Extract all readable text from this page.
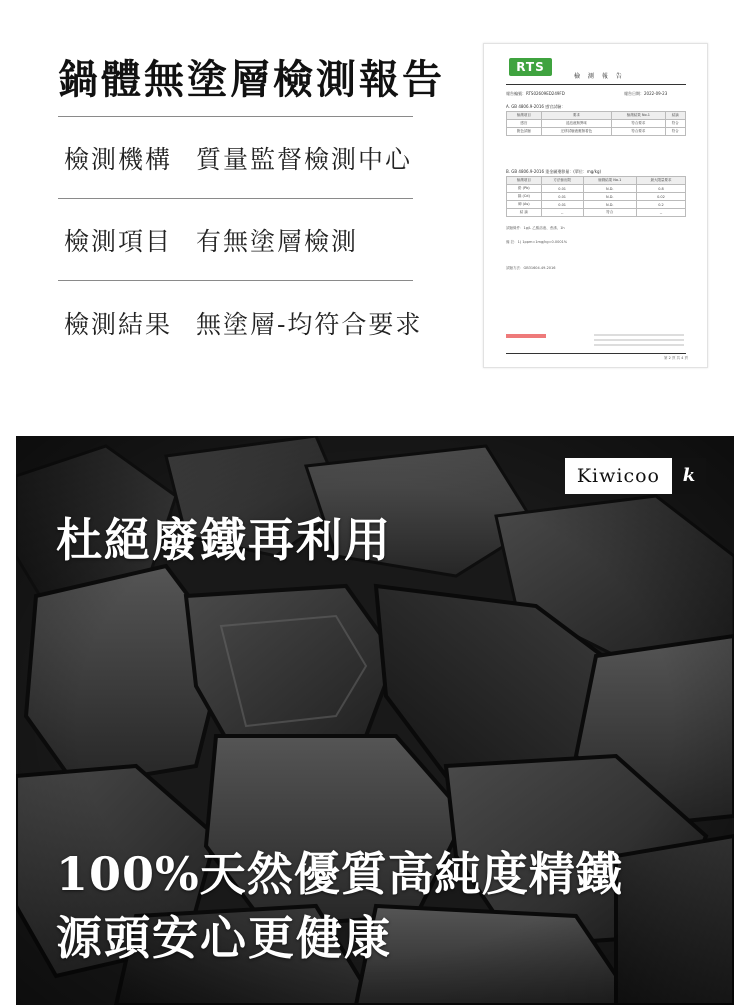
鍋體無塗層檢測報告
檢測機構 質量監督檢測中心
檢測項目 有無塗層檢測
檢測結果 無塗層-均符合要求
RTS
檢 測 報 告
報告編號：RTS02609ED249FD	報告日期：2022-09-23
A. GB 4806.9-2016 感官試驗：
檢測項目	要求	檢測結果 No.1	結論
感官	浸泡液無異味	符合要求	符合
脫色試驗	迁移試驗液應無着色	符合要求	符合
B. GB 4806.9-2016 重金屬遷移量：(單位：mg/kg)
檢測項目	方法檢出限	檢測結果 No.1	最大限量要求
鉛 (Pb)	0.01	N.D.	0.8
鎘 (Cd)	0.01	N.D.	0.02
砷 (As)	0.01	N.D.	0.2
結 論	--	符合	--
試驗條件：1g/L 乙酸溶液、煮沸、1h
備 註：1) 1ppm=1mg/kg=0.0001%
試驗方法：GB31604.49-2016
第 2 頁 共 4 頁
Kiwicoo	k
杜絕廢鐵再利用
100%天然優質高純度精鐵
源頭安心更健康
